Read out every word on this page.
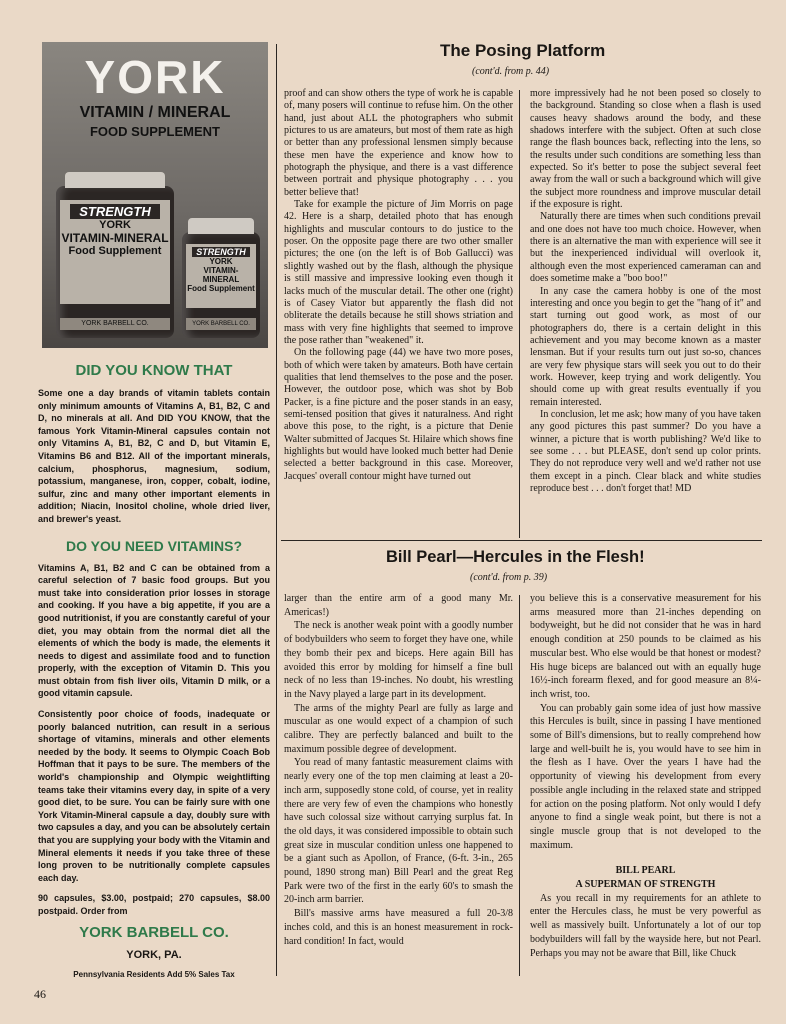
YORK
VITAMIN / MINERAL
FOOD SUPPLEMENT
STRENGTH
YORK
VITAMIN-MINERAL
Food Supplement
YORK BARBELL CO.
STRENGTH
YORK
VITAMIN-MINERAL
Food Supplement
YORK BARBELL CO.
DID YOU KNOW THAT

Some one a day brands of vitamin tablets contain only minimum amounts of Vitamins A, B1, B2, C and D, no minerals at all. And DID YOU KNOW, that the famous York Vitamin-Mineral capsules contain not only Vitamins A, B1, B2, C and D, but Vitamin E, Vitamins B6 and B12. All of the important minerals, calcium, phosphorus, magnesium, sodium, potassium, manganese, iron, copper, cobalt, iodine, sulfur, zinc and many other important elements in addition; Niacin, Inositol choline, whole dried liver, and brewer's yeast.

DO YOU NEED VITAMINS?

Vitamins A, B1, B2 and C can be obtained from a careful selection of 7 basic food groups. But you must take into consideration prior losses in storage and cooking. If you have a big appetite, if you are a good nutritionist, if you are constantly careful of your diet, you may obtain from the normal diet all the elements of which the body is made, the elements it needs to digest and assimilate food and to function properly, with the exception of Vitamin D. This you must obtain from fish liver oils, Vitamin D milk, or a good vitamin capsule.

Consistently poor choice of foods, inadequate or poorly balanced nutrition, can result in a serious shortage of vitamins, minerals and other elements needed by the body. It seems to Olympic Coach Bob Hoffman that it pays to be sure. The members of the world's championship and Olympic weightlifting teams take their vitamins every day, in spite of a very good diet, to be sure. You can be fairly sure with one York Vitamin-Mineral capsule a day, doubly sure with two capsules a day, and you can be absolutely certain that you are supplying your body with the Vitamin and Mineral elements it needs if you take three of these long proven to be nutritionally complete capsules each day.

90 capsules, $3.00, postpaid; 270 capsules, $8.00 postpaid. Order from

YORK BARBELL CO.
YORK, PA.
Pennsylvania Residents Add 5% Sales Tax
The Posing Platform
(cont'd. from p. 44)

proof and can show others the type of work he is capable of, many posers will continue to refuse him. On the other hand, just about ALL the photographers who submit pictures to us are amateurs, but most of them rate as high or better than any professional lensmen simply because these men have the experience and know how to photograph the physique, and there is a vast difference between portrait and physique photography . . . you better believe that!

Take for example the picture of Jim Morris on page 42. Here is a sharp, detailed photo that has enough highlights and muscular contours to do justice to the poser. On the opposite page there are two other smaller pictures; the one (on the left is of Bob Gallucci) was slightly washed out by the flash, although the physique is still massive and impressive looking even though it lacks much of the muscular detail. The other one (right) is of Casey Viator but apparently the flash did not obliterate the details because he still shows striation and mass with very fine highlights that seemed to improve the pose rather than "weakened" it.

On the following page (44) we have two more poses, both of which were taken by amateurs. Both have certain qualities that lend themselves to the pose and the poser. However, the outdoor pose, which was shot by Bob Packer, is a fine picture and the poser stands in an easy, semi-tensed position that gives it naturalness. And right above this pose, to the right, is a picture that Denie Walter submitted of Jacques St. Hilaire which shows fine highlights but would have looked much better had Denie selected a better background in this case. Moreover, Jacques' overall contour might have turned out

more impressively had he not been posed so closely to the background. Standing so close when a flash is used causes heavy shadows around the body, and these shadows interfere with the subject. Often at such close range the flash bounces back, reflecting into the lens, so the results under such conditions are something less than expected. So it's better to pose the subject several feet away from the wall or such a background which will give the subject more roundness and improve muscular detail if the exposure is right.

Naturally there are times when such conditions prevail and one does not have too much choice. However, when there is an alternative the man with experience will see it but the inexperienced individual will overlook it, although even the most experienced cameraman can and does sometime make a "boo boo!"

In any case the camera hobby is one of the most interesting and once you begin to get the "hang of it" and start turning out good work, as most of our photographers do, there is a certain delight in this achievement and you may become known as a master lensman. But if your results turn out just so-so, chances are very few physique stars will seek you out to do their work. However, keep trying and work deligently. You should come up with great results eventually if you remain interested.

In conclusion, let me ask; how many of you have taken any good pictures this past summer? Do you have a winner, a picture that is worth publishing? We'd like to see some . . . but PLEASE, don't send up color prints. They do not reproduce very well and we'd rather not use them except in a pinch. Clear black and white studies reproduce best . . . don't forget that! MD

Bill Pearl—Hercules in the Flesh!
(cont'd. from p. 39)

larger than the entire arm of a good many Mr. Americas!)

The neck is another weak point with a goodly number of bodybuilders who seem to forget they have one, while they bomb their pex and biceps. Here again Bill has avoided this error by molding for himself a fine bull neck of no less than 19-inches. No doubt, his wrestling in the Navy played a large part in its development.

The arms of the mighty Pearl are fully as large and muscular as one would expect of a champion of such calibre. They are perfectly balanced and built to the maximum possible degree of development.

You read of many fantastic measurement claims with nearly every one of the top men claiming at least a 20-inch arm, supposedly stone cold, of course, yet in reality there are very few of even the champions who honestly have such colossal size without carrying surplus fat. In the old days, it was considered impossible to obtain such great size in muscular condition unless one happened to be a giant such as Apollon, of France, (6-ft. 3-in., 265 pound, 1890 strong man) Bill Pearl and the great Reg Park were two of the first in the early 60's to smash the 20-inch arm barrier.

Bill's massive arms have measured a full 20-3/8 inches cold, and this is an honest measurement in rock-hard condition! In fact, would

you believe this is a conservative measurement for his arms measured more than 21-inches depending on bodyweight, but he did not consider that he was in hard enough condition at 250 pounds to be claimed as his muscular best. Who else would be that honest or modest? His huge biceps are balanced out with an equally huge 16½-inch forearm flexed, and for good measure an 8¼-inch wrist, too.

You can probably gain some idea of just how massive this Hercules is built, since in passing I have mentioned some of Bill's dimensions, but to really comprehend how large and well-built he is, you would have to see him in the flesh as I have. Over the years I have had the opportunity of viewing his development from every possible angle including in the relaxed state and stripped for action on the posing platform. Not only would I defy anyone to find a single weak point, but there is not a single muscle group that is not developed to the maximum.

BILL PEARL

A SUPERMAN OF STRENGTH

As you recall in my requirements for an athlete to enter the Hercules class, he must be very powerful as well as massively built. Unfortunately a lot of our top bodybuilders will fall by the wayside here, but not Pearl. Perhaps you may not be aware that Bill, like Chuck

46
